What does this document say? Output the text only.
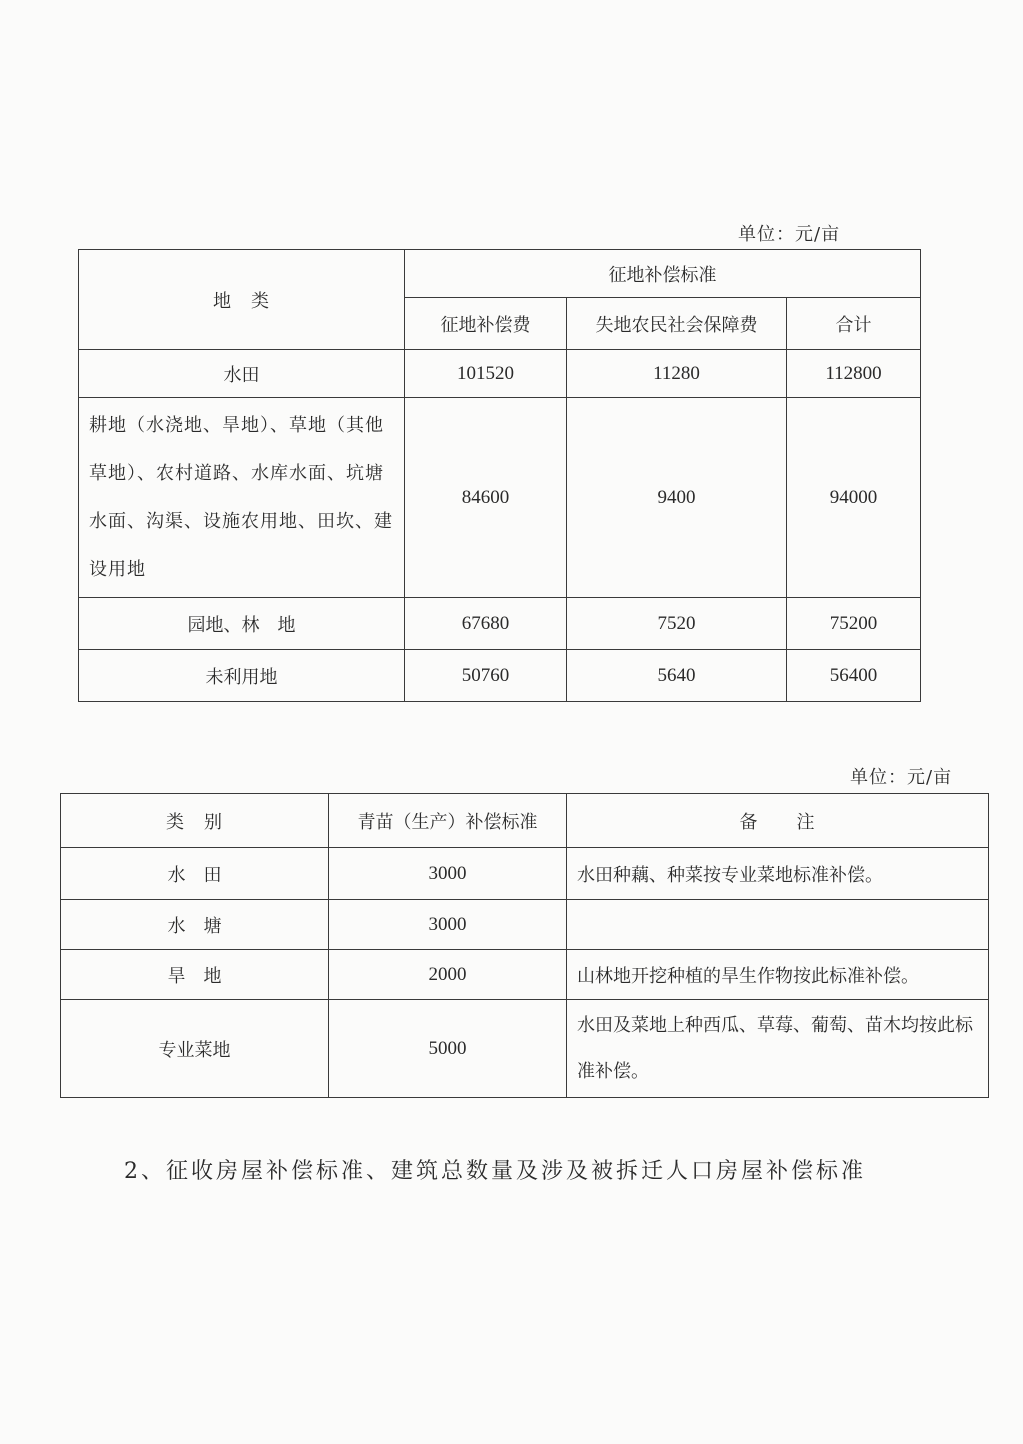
单位：元/亩
地　类	征地补偿标准		
	征地补偿费	失地农民社会保障费	合计
水田	101520	11280	112800
耕地（水浇地、旱地）、草地（其他草地）、农村道路、水库水面、坑塘水面、沟渠、设施农用地、田坎、建设用地	84600	9400	94000
园地、林　地	67680	7520	75200
未利用地	50760	5640	56400
单位：元/亩
类　别	青苗（生产）补偿标准	备　　注
水　田	3000	水田种藕、种菜按专业菜地标准补偿。
水　塘	3000	
旱　地	2000	山林地开挖种植的旱生作物按此标准补偿。
专业菜地	5000	水田及菜地上种西瓜、草莓、葡萄、苗木均按此标准补偿。
2、征收房屋补偿标准、建筑总数量及涉及被拆迁人口房屋补偿标准
